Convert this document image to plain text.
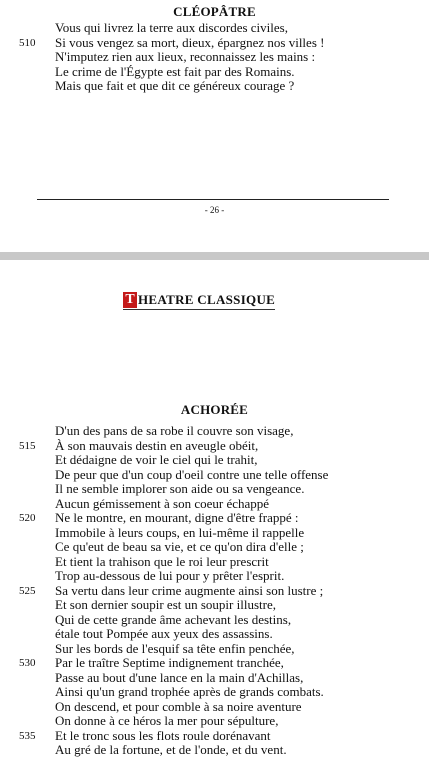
CLÉOPÂTRE
Vous qui livrez la terre aux discordes civiles,
510	Si vous vengez sa mort, dieux, épargnez nos villes !
N'imputez rien aux lieux, reconnaissez les mains :
Le crime de l'Égypte est fait par des Romains.
Mais que fait et que dit ce généreux courage ?
- 26 -
T HEATRE CLASSIQUE
ACHORÉE
D'un des pans de sa robe il couvre son visage,
515	À son mauvais destin en aveugle obéit,
Et dédaigne de voir le ciel qui le trahit,
De peur que d'un coup d'oeil contre une telle offense
Il ne semble implorer son aide ou sa vengeance.
Aucun gémissement à son coeur échappé
520	Ne le montre, en mourant, digne d'être frappé :
Immobile à leurs coups, en lui-même il rappelle
Ce qu'eut de beau sa vie, et ce qu'on dira d'elle ;
Et tient la trahison que le roi leur prescrit
Trop au-dessous de lui pour y prêter l'esprit.
525	Sa vertu dans leur crime augmente ainsi son lustre ;
Et son dernier soupir est un soupir illustre,
Qui de cette grande âme achevant les destins,
étale tout Pompée aux yeux des assassins.
Sur les bords de l'esquif sa tête enfin penchée,
530	Par le traître Septime indignement tranchée,
Passe au bout d'une lance en la main d'Achillas,
Ainsi qu'un grand trophée après de grands combats.
On descend, et pour comble à sa noire aventure
On donne à ce héros la mer pour sépulture,
535	Et le tronc sous les flots roule dorénavant
Au gré de la fortune, et de l'onde, et du vent.
